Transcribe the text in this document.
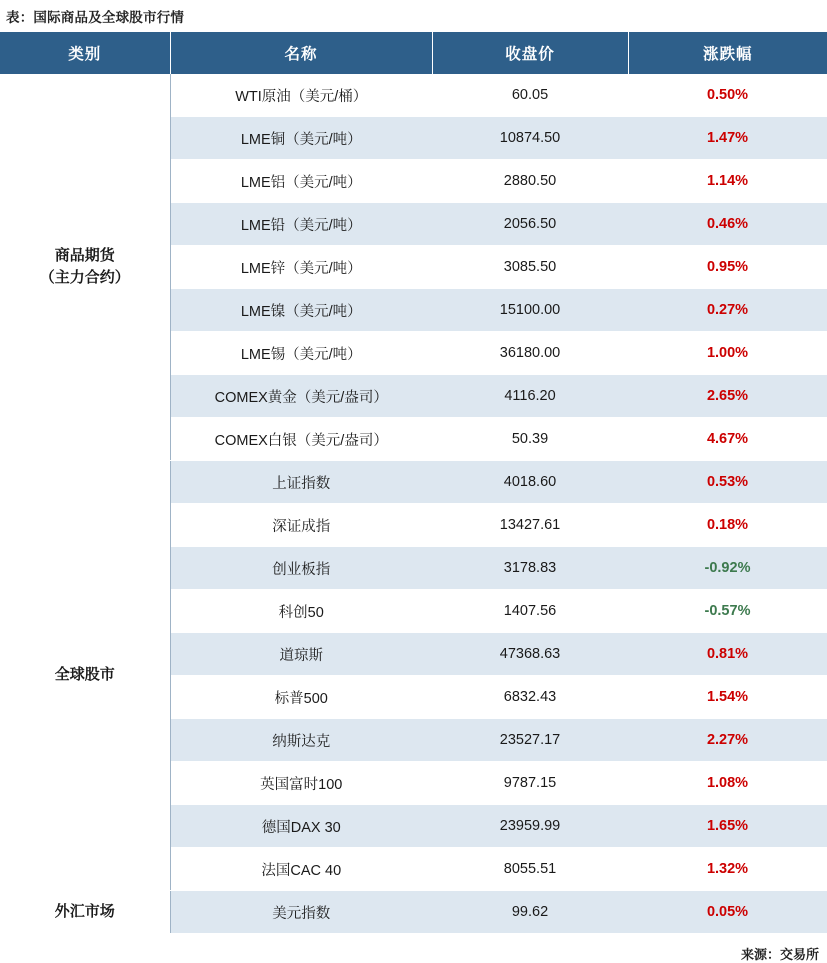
表：国际商品及全球股市行情
类别	名称	收盘价	涨跌幅

商品期货
（主力合约）	WTI原油（美元/桶）	60.05	0.50%
	LME铜（美元/吨）	10874.50	1.47%
	LME铝（美元/吨）	2880.50	1.14%
	LME铅（美元/吨）	2056.50	0.46%
	LME锌（美元/吨）	3085.50	0.95%
	LME镍（美元/吨）	15100.00	0.27%
	LME锡（美元/吨）	36180.00	1.00%
	COMEX黄金（美元/盎司）	4116.20	2.65%
	COMEX白银（美元/盎司）	50.39	4.67%
全球股市	上证指数	4018.60	0.53%
	深证成指	13427.61	0.18%
	创业板指	3178.83	-0.92%
	科创50	1407.56	-0.57%
	道琼斯	47368.63	0.81%
	标普500	6832.43	1.54%
	纳斯达克	23527.17	2.27%
	英国富时100	9787.15	1.08%
	德国DAX 30	23959.99	1.65%
	法国CAC 40	8055.51	1.32%
外汇市场	美元指数	99.62	0.05%
来源：交易所
